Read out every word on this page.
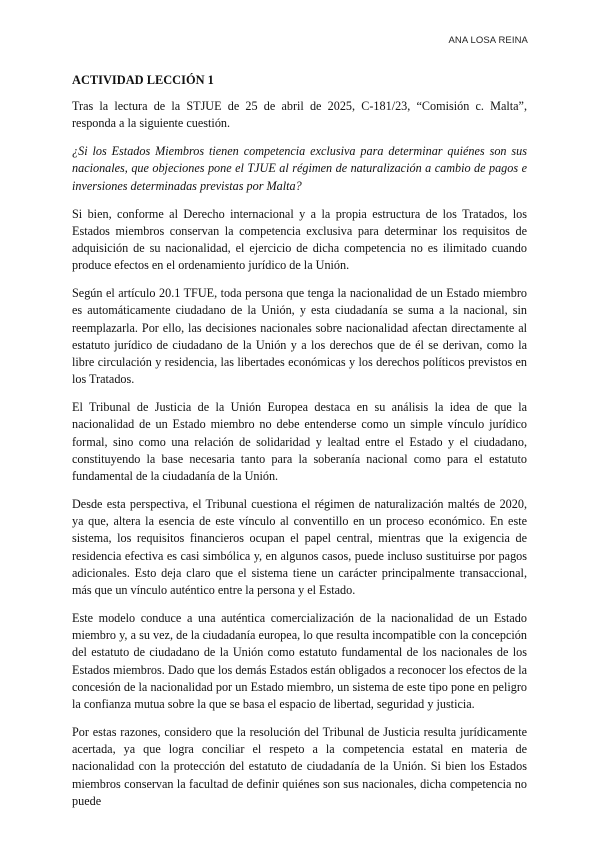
ANA LOSA REINA
ACTIVIDAD LECCIÓN 1

Tras la lectura de la STJUE de 25 de abril de 2025, C-181/23, “Comisión c. Malta”, responda a la siguiente cuestión.

¿Si los Estados Miembros tienen competencia exclusiva para determinar quiénes son sus nacionales, que objeciones pone el TJUE al régimen de naturalización a cambio de pagos e inversiones determinadas previstas por Malta?

Si bien, conforme al Derecho internacional y a la propia estructura de los Tratados, los Estados miembros conservan la competencia exclusiva para determinar los requisitos de adquisición de su nacionalidad, el ejercicio de dicha competencia no es ilimitado cuando produce efectos en el ordenamiento jurídico de la Unión.

Según el artículo 20.1 TFUE, toda persona que tenga la nacionalidad de un Estado miembro es automáticamente ciudadano de la Unión, y esta ciudadanía se suma a la nacional, sin reemplazarla. Por ello, las decisiones nacionales sobre nacionalidad afectan directamente al estatuto jurídico de ciudadano de la Unión y a los derechos que de él se derivan, como la libre circulación y residencia, las libertades económicas y los derechos políticos previstos en los Tratados.

El Tribunal de Justicia de la Unión Europea destaca en su análisis la idea de que la nacionalidad de un Estado miembro no debe entenderse como un simple vínculo jurídico formal, sino como una relación de solidaridad y lealtad entre el Estado y el ciudadano, constituyendo la base necesaria tanto para la soberanía nacional como para el estatuto fundamental de la ciudadanía de la Unión.

Desde esta perspectiva, el Tribunal cuestiona el régimen de naturalización maltés de 2020, ya que, altera la esencia de este vínculo al conventillo en un proceso económico. En este sistema, los requisitos financieros ocupan el papel central, mientras que la exigencia de residencia efectiva es casi simbólica y, en algunos casos, puede incluso sustituirse por pagos adicionales. Esto deja claro que el sistema tiene un carácter principalmente transaccional, más que un vínculo auténtico entre la persona y el Estado.

Este modelo conduce a una auténtica comercialización de la nacionalidad de un Estado miembro y, a su vez, de la ciudadanía europea, lo que resulta incompatible con la concepción del estatuto de ciudadano de la Unión como estatuto fundamental de los nacionales de los Estados miembros. Dado que los demás Estados están obligados a reconocer los efectos de la concesión de la nacionalidad por un Estado miembro, un sistema de este tipo pone en peligro la confianza mutua sobre la que se basa el espacio de libertad, seguridad y justicia.

Por estas razones, considero que la resolución del Tribunal de Justicia resulta jurídicamente acertada, ya que logra conciliar el respeto a la competencia estatal en materia de nacionalidad con la protección del estatuto de ciudadanía de la Unión. Si bien los Estados miembros conservan la facultad de definir quiénes son sus nacionales, dicha competencia no puede
